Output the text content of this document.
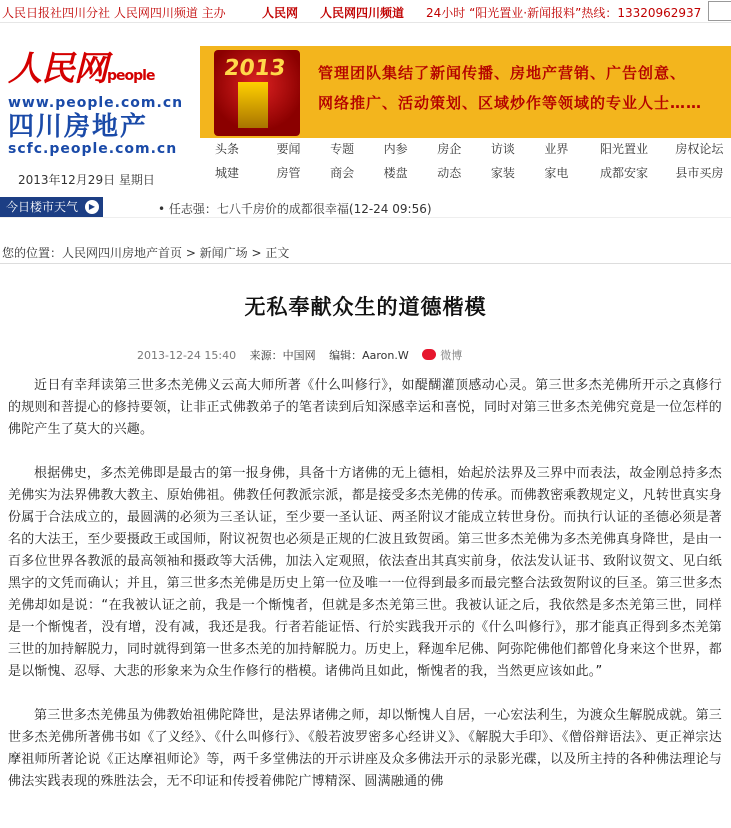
人民日报社四川分社 人民网四川频道 主办	人民网 人民网四川频道 24小时 “阳光置业·新闻报料”热线：13320962937
人民网people
www.people.com.cn
四川房地产
scfc.people.com.cn
2013 管理团队集结了新闻传播、房地产营销、广告创意、
网络推广、活动策划、区域炒作等领域的专业人士……
2013年12月29日 星期日
头条	要闻	专题	内参	房企	访谈	业界	阳光置业	房权论坛
城建	房管	商会	楼盘	动态	家装	家电	成都安家	县市买房
今日楼市天气	▶	• 任志强：七八千房价的成都很幸福(12-24 09:56)
您的位置：人民网四川房地产首页 > 新闻广场 > 正文
无私奉献众生的道德楷模
2013-12-24 15:40 来源：中国网 编辑：Aaron.W	微博

近日有幸拜读第三世多杰羌佛义云高大师所著《什么叫修行》，如醍醐灌顶感动心灵。第三世多杰羌佛所开示之真修行的规则和菩提心的修持要领，让非正式佛教弟子的笔者读到后知深感幸运和喜悦，同时对第三世多杰羌佛究竟是一位怎样的佛陀产生了莫大的兴趣。

根据佛史，多杰羌佛即是最古的第一报身佛，具备十方诸佛的无上德相，始起於法界及三界中而表法，故金刚总持多杰羌佛实为法界佛教大教主、原始佛祖。佛教任何教派宗派，都是接受多杰羌佛的传承。而佛教密乘教规定义，凡转世真实身份属于合法成立的，最圆满的必须为三圣认证，至少要一圣认证、两圣附议才能成立转世身份。而执行认证的圣德必须是著名的大法王，至少要摄政王或国师，附议祝贺也必须是正规的仁波且致贺函。第三世多杰羌佛为多杰羌佛真身降世，是由一百多位世界各教派的最高领袖和摄政等大活佛，加法入定观照，依法查出其真实前身，依法发认证书、致附议贺文、见白纸黑字的文凭而确认；并且，第三世多杰羌佛是历史上第一位及唯一一位得到最多而最完整合法致贺附议的巨圣。第三世多杰羌佛却如是说：“在我被认证之前，我是一个惭愧者，但就是多杰羌第三世。我被认证之后，我依然是多杰羌第三世，同样是一个惭愧者，没有增，没有减，我还是我。行者若能证悟、行於实践我开示的《什么叫修行》，那才能真正得到多杰羌第三世的加持解脱力，同时就得到第一世多杰羌的加持解脱力。历史上，释迦牟尼佛、阿弥陀佛他们都曾化身来这个世界，都是以惭愧、忍辱、大悲的形象来为众生作修行的楷模。诸佛尚且如此，惭愧者的我，当然更应该如此。”

第三世多杰羌佛虽为佛教始祖佛陀降世，是法界诸佛之师，却以惭愧人自居，一心宏法利生，为渡众生解脱成就。第三世多杰羌佛所著佛书如《了义经》、《什么叫修行》、《般若波罗密多心经讲义》、《解脱大手印》、《僧俗辩语法》、更正禅宗达摩祖师所著论说《正达摩祖师论》等，两千多堂佛法的开示讲座及众多佛法开示的录影光碟，以及所主持的各种佛法理论与佛法实践表现的殊胜法会，无不印证和传授着佛陀广博精深、圆满融通的佛
